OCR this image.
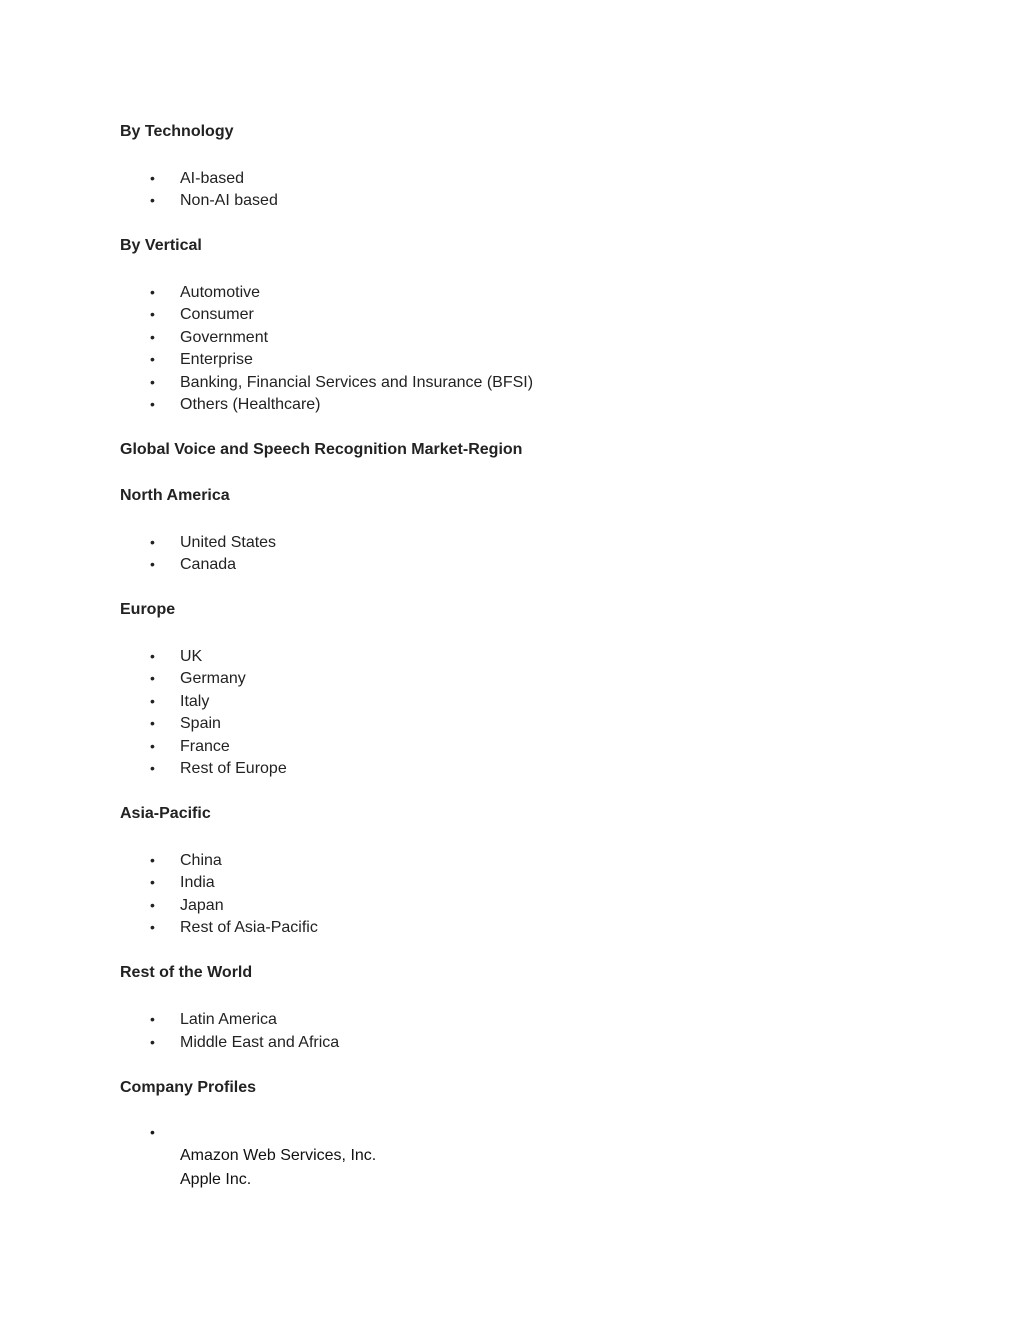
By Technology
• AI-based
• Non-AI based
By Vertical
• Automotive
• Consumer
• Government
• Enterprise
• Banking, Financial Services and Insurance (BFSI)
• Others (Healthcare)
Global Voice and Speech Recognition Market-Region
North America
• United States
• Canada
Europe
• UK
• Germany
• Italy
• Spain
• France
• Rest of Europe
Asia-Pacific
• China
• India
• Japan
• Rest of Asia-Pacific
Rest of the World
• Latin America
• Middle East and Africa
Company Profiles
•
Amazon Web Services, Inc.
Apple Inc.
